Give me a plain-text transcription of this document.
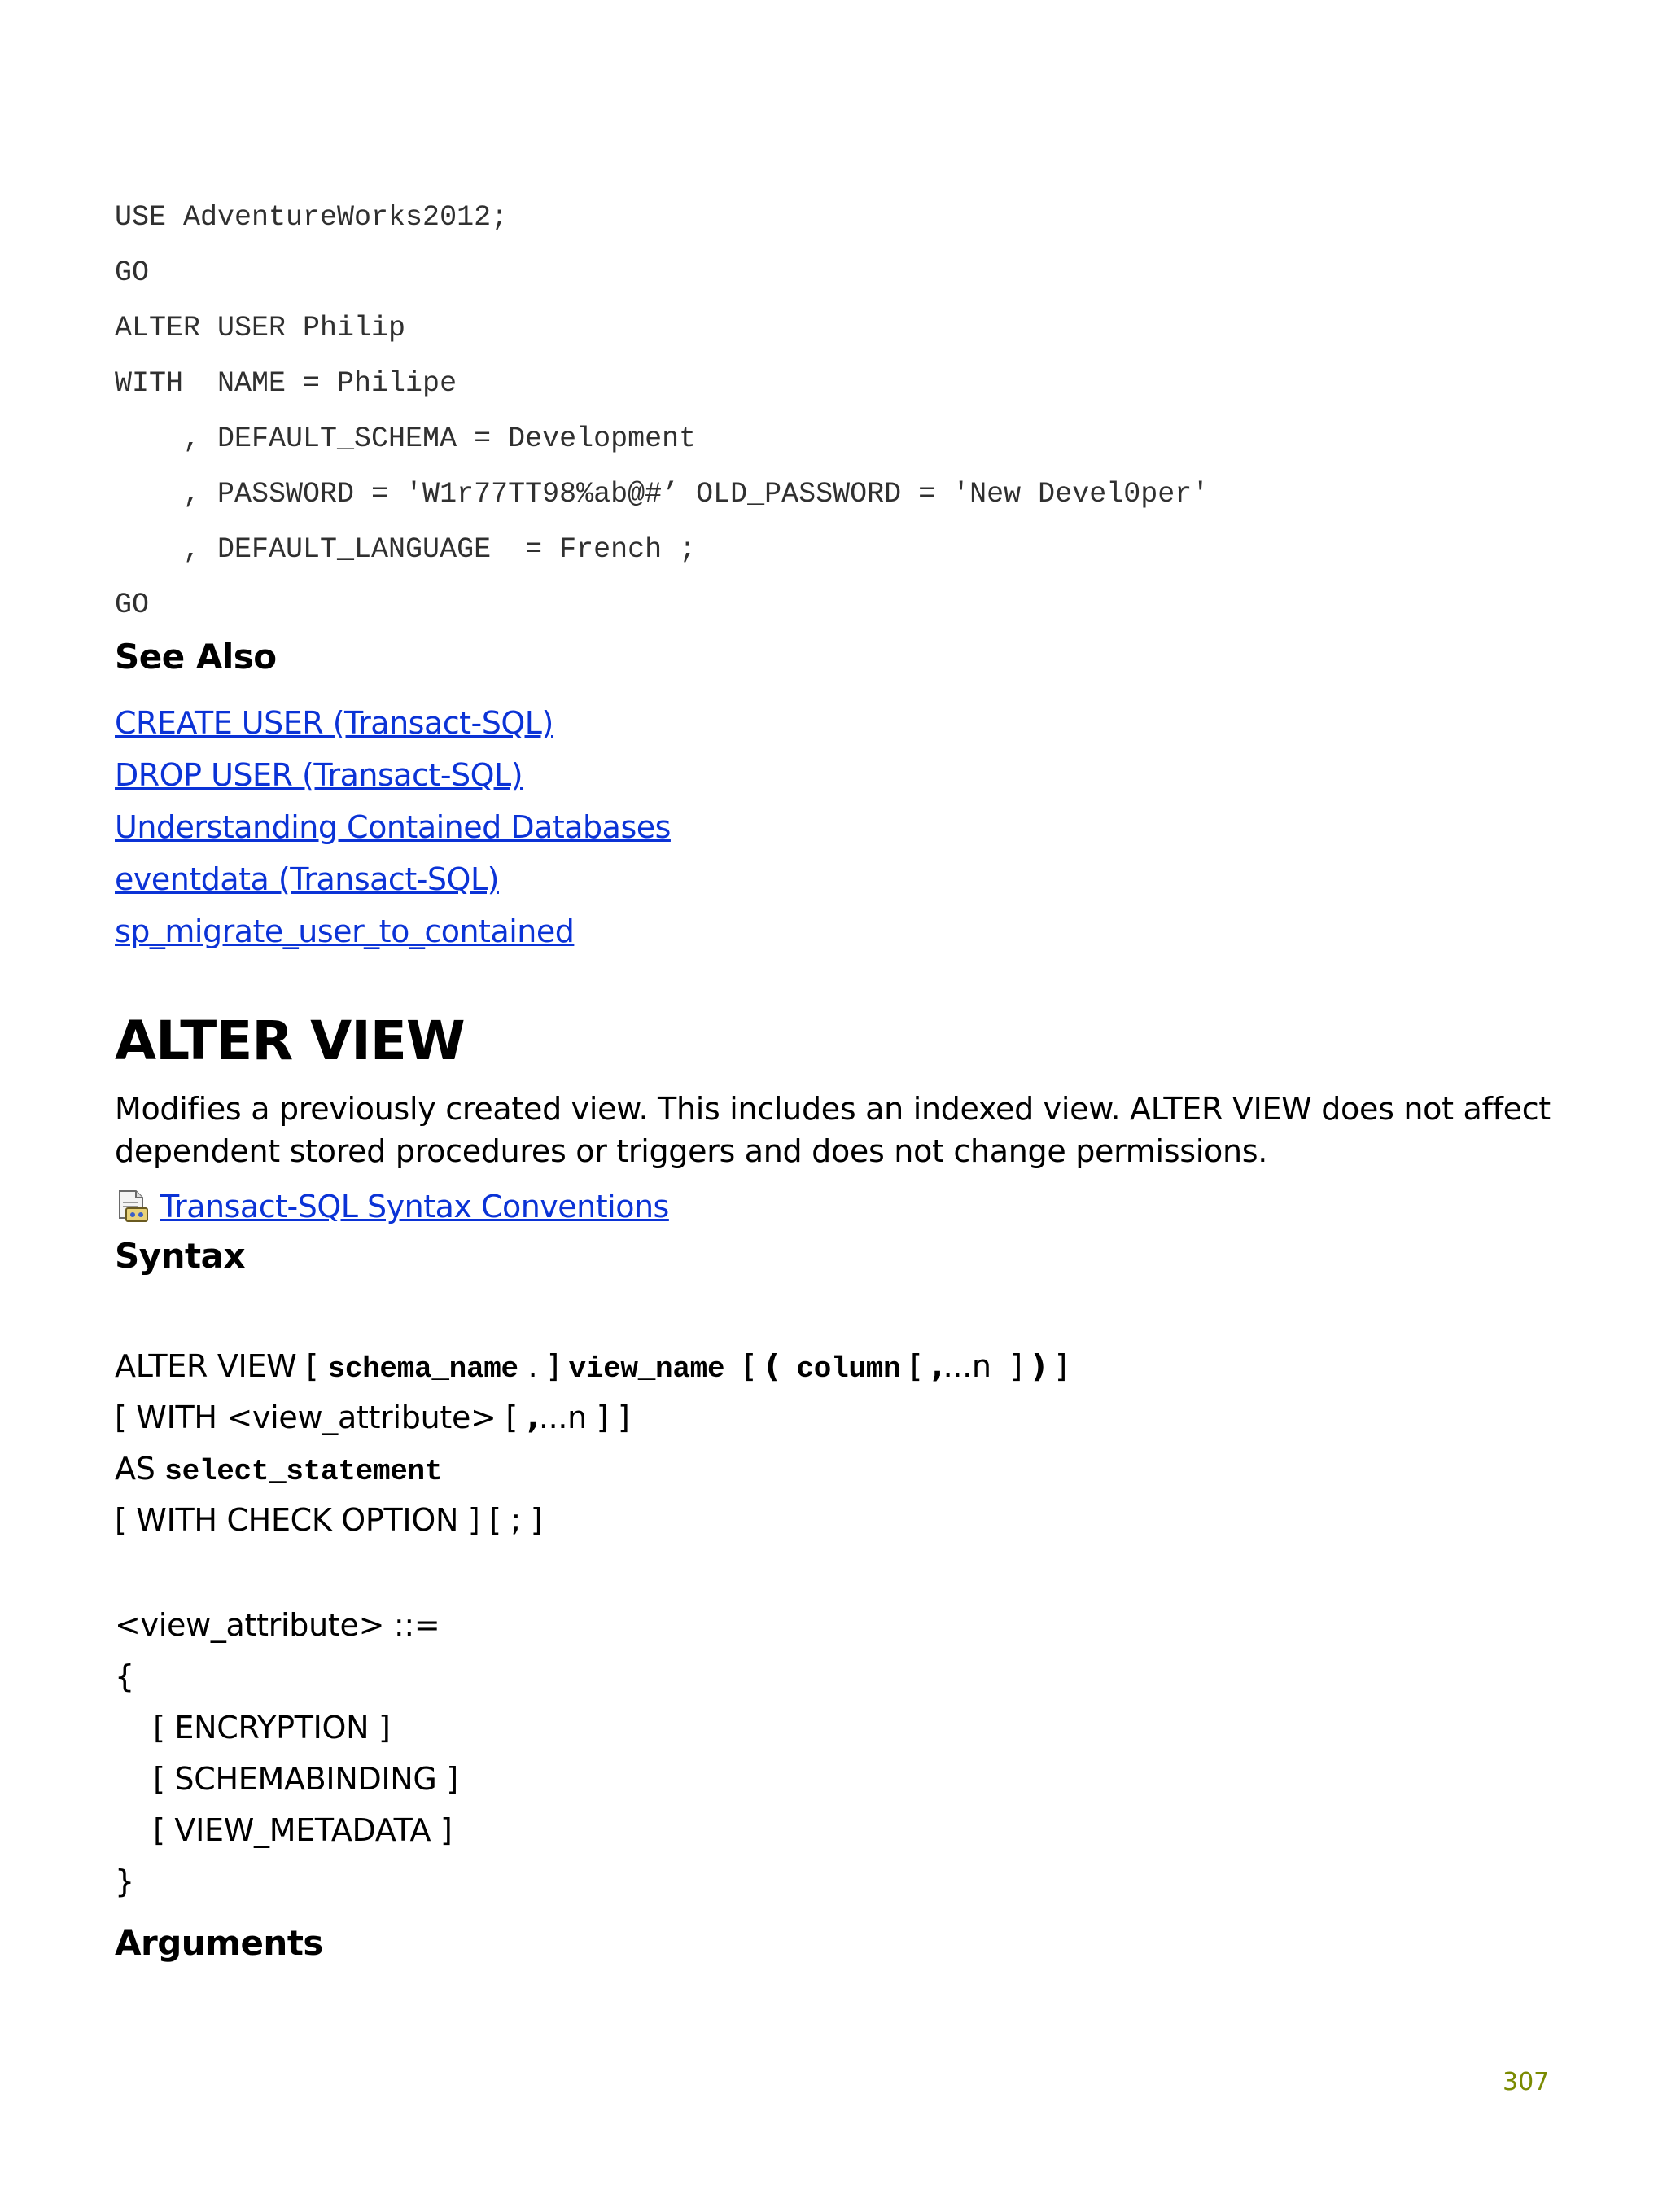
USE AdventureWorks2012;
GO
ALTER USER Philip
WITH  NAME = Philipe
, DEFAULT_SCHEMA = Development
, PASSWORD = 'W1r77TT98%ab@#’ OLD_PASSWORD = 'New Devel0per'
, DEFAULT_LANGUAGE  = French ;
GO
See Also
CREATE USER (Transact-SQL)
DROP USER (Transact-SQL)
Understanding Contained Databases
eventdata (Transact-SQL)
sp_migrate_user_to_contained
ALTER VIEW
Modifies a previously created view. This includes an indexed view. ALTER VIEW does not affect dependent stored procedures or triggers and does not change permissions.
Transact-SQL Syntax Conventions
Syntax
ALTER VIEW [ schema_name . ] view_name  [ ( column [ ,...n  ] ) ]
[ WITH <view_attribute> [ ,...n ] ]
AS select_statement
[ WITH CHECK OPTION ] [ ; ]
<view_attribute> ::=
{
[ ENCRYPTION ]
[ SCHEMABINDING ]
[ VIEW_METADATA ]
}
Arguments
307
